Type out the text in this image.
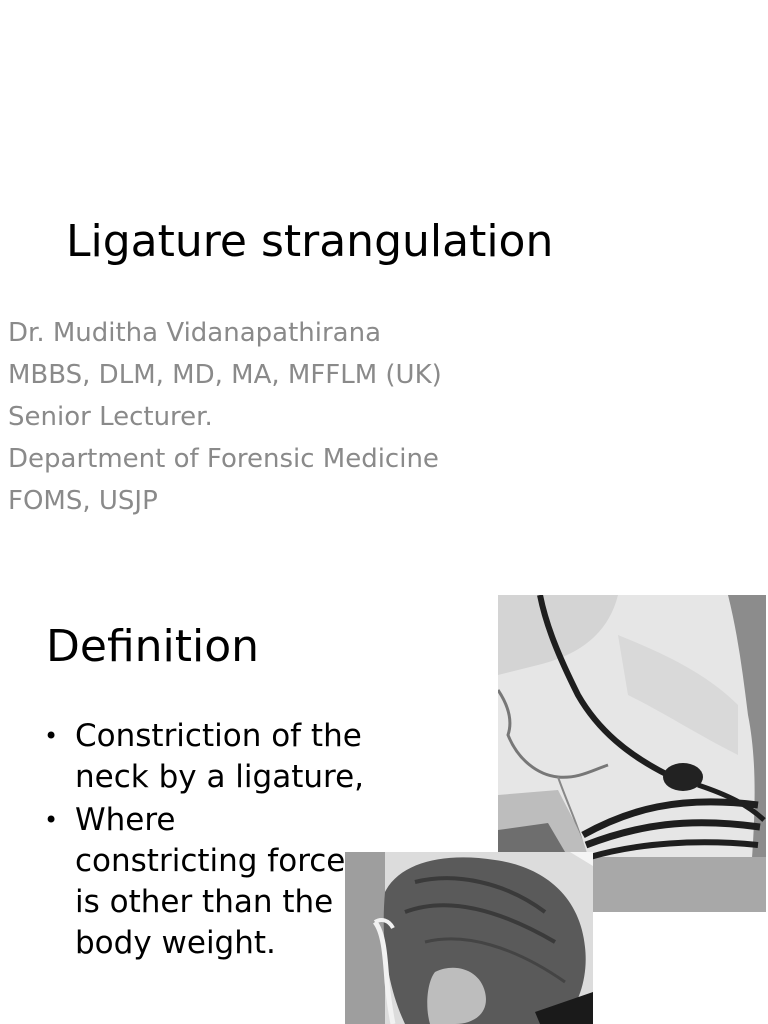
Ligature strangulation
Dr. Muditha Vidanapathirana
MBBS, DLM, MD, MA, MFFLM (UK)
Senior Lecturer.
Department of Forensic Medicine
FOMS, USJP
Definition
• Constriction of the neck by a ligature,
• Where constricting force is other than the body weight.
